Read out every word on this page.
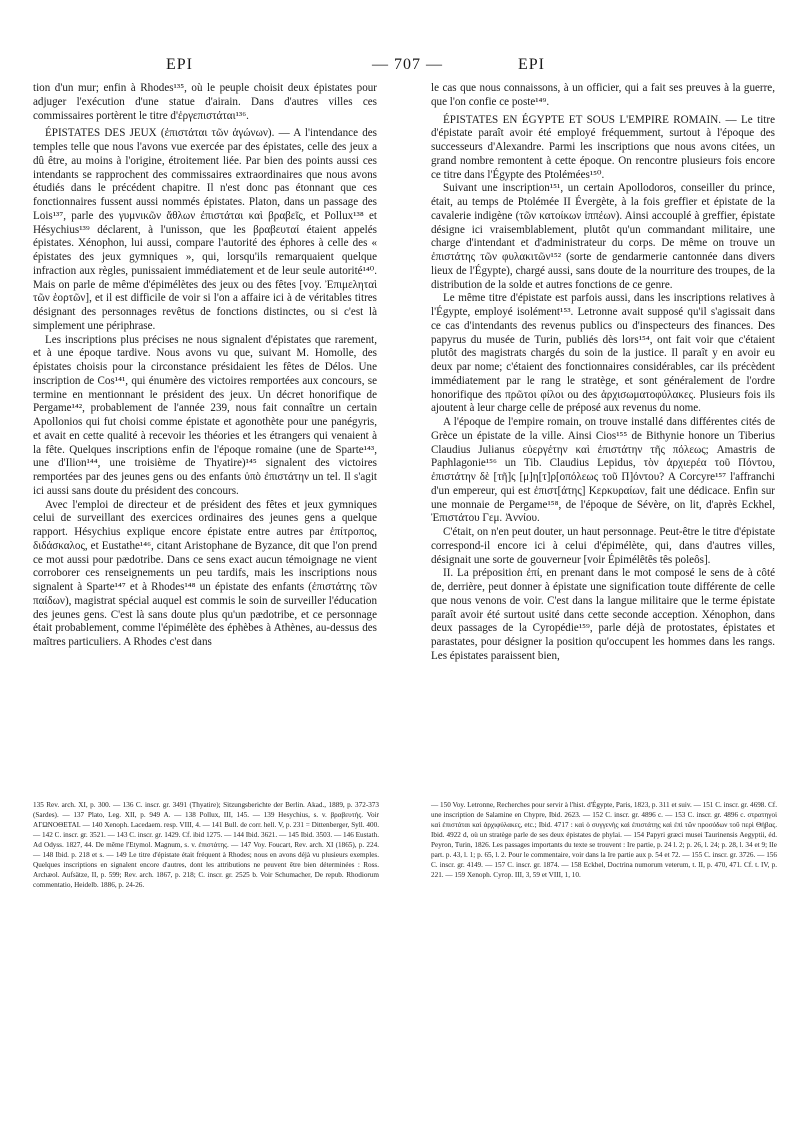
EPI	— 707 —	EPI

tion d'un mur; enfin à Rhodes¹³⁵, où le peuple choisit deux épistates pour adjuger l'exécution d'une statue d'airain. Dans d'autres villes ces commissaires portèrent le titre d'ἐργεπιστάται¹³⁶.

ÉPISTATES DES JEUX (ἐπιστάται τῶν ἀγώνων). — A l'intendance des temples telle que nous l'avons vue exercée par des épistates, celle des jeux a dû être, au moins à l'origine, étroitement liée. Par bien des points aussi ces intendants se rapprochent des commissaires extraordinaires que nous avons étudiés dans le précédent chapitre. Il n'est donc pas étonnant que ces fonctionnaires fussent aussi nommés épistates. Platon, dans un passage des Lois¹³⁷, parle des γυμνικῶν ἄθλων ἐπιστάται καὶ βραβεῖς, et Pollux¹³⁸ et Hésychius¹³⁹ déclarent, à l'unisson, que les βραβευταί étaient appelés épistates. Xénophon, lui aussi, compare l'autorité des éphores à celle des « épistates des jeux gymniques », qui, lorsqu'ils remarquaient quelque infraction aux règles, punissaient immédiatement et de leur seule autorité¹⁴⁰. Mais on parle de même d'épimélètes des jeux ou des fêtes [voy. Ἐπιμεληταὶ τῶν ἑορτῶν], et il est difficile de voir si l'on a affaire ici à de véritables titres désignant des personnages revêtus de fonctions distinctes, ou si c'est là simplement une périphrase.

Les inscriptions plus précises ne nous signalent d'épistates que rarement, et à une époque tardive. Nous avons vu que, suivant M. Homolle, des épistates choisis pour la circonstance présidaient les fêtes de Délos. Une inscription de Cos¹⁴¹, qui énumère des victoires remportées aux concours, se termine en mentionnant le président des jeux. Un décret honorifique de Pergame¹⁴², probablement de l'année 239, nous fait connaître un certain Apollonios qui fut choisi comme épistate et agonothète pour une panégyris, et avait en cette qualité à recevoir les théories et les étrangers qui venaient à la fête. Quelques inscriptions enfin de l'époque romaine (une de Sparte¹⁴³, une d'Ilion¹⁴⁴, une troisième de Thyatire)¹⁴⁵ signalent des victoires remportées par des jeunes gens ou des enfants ὑπὸ ἐπιστάτην un tel. Il s'agit ici aussi sans doute du président des concours.

Avec l'emploi de directeur et de président des fêtes et jeux gymniques celui de surveillant des exercices ordinaires des jeunes gens a quelque rapport. Hésychius explique encore épistate entre autres par ἐπίτροπος, διδάσκαλος, et Eustathe¹⁴⁶, citant Aristophane de Byzance, dit que l'on prend ce mot aussi pour pædotribe. Dans ce sens exact aucun témoignage ne vient corroborer ces renseignements un peu tardifs, mais les inscriptions nous signalent à Sparte¹⁴⁷ et à Rhodes¹⁴⁸ un épistate des enfants (ἐπιστάτης τῶν παίδων), magistrat spécial auquel est commis le soin de surveiller l'éducation des jeunes gens. C'est là sans doute plus qu'un pædotribe, et ce personnage était probablement, comme l'épimélète des éphèbes à Athènes, au-dessus des maîtres particuliers. A Rhodes c'est dans

le cas que nous connaissons, à un officier, qui a fait ses preuves à la guerre, que l'on confie ce poste¹⁴⁹.

ÉPISTATES EN ÉGYPTE ET SOUS L'EMPIRE ROMAIN. — Le titre d'épistate paraît avoir été employé fréquemment, surtout à l'époque des successeurs d'Alexandre. Parmi les inscriptions que nous avons citées, un grand nombre remontent à cette époque. On rencontre plusieurs fois encore ce titre dans l'Égypte des Ptolémées¹⁵⁰.

Suivant une inscription¹⁵¹, un certain Apollodoros, conseiller du prince, était, au temps de Ptolémée II Évergète, à la fois greffier et épistate de la cavalerie indigène (τῶν κατοίκων ἱππέων). Ainsi accouplé à greffier, épistate désigne ici vraisemblablement, plutôt qu'un commandant militaire, une charge d'intendant et d'administrateur du corps. De même on trouve un ἐπιστάτης τῶν φυλακιτῶν¹⁵² (sorte de gendarmerie cantonnée dans divers lieux de l'Égypte), chargé aussi, sans doute de la nourriture des troupes, de la distribution de la solde et autres fonctions de ce genre.

Le même titre d'épistate est parfois aussi, dans les inscriptions relatives à l'Égypte, employé isolément¹⁵³. Letronne avait supposé qu'il s'agissait dans ce cas d'intendants des revenus publics ou d'inspecteurs des finances. Des papyrus du musée de Turin, publiés dès lors¹⁵⁴, ont fait voir que c'étaient plutôt des magistrats chargés du soin de la justice. Il paraît y en avoir eu deux par nome; c'étaient des fonctionnaires considérables, car ils précèdent immédiatement par le rang le stratège, et sont généralement de l'ordre honorifique des πρῶτοι φίλοι ou des ἀρχισωματοφύλακες. Plusieurs fois ils ajoutent à leur charge celle de préposé aux revenus du nome.

A l'époque de l'empire romain, on trouve installé dans différentes cités de Grèce un épistate de la ville. Ainsi Cios¹⁵⁵ de Bithynie honore un Tiberius Claudius Julianus εὐεργέτην καὶ ἐπιστάτην τῆς πόλεως; Amastris de Paphlagonie¹⁵⁶ un Tib. Claudius Lepidus, τὸν ἀρχιερέα τοῦ Πόντου, ἐπιστάτην δὲ [τῆ]ς [μ]η[τ]ρ[οπόλεως τοῦ Π]όντου? A Corcyre¹⁵⁷ l'affranchi d'un empereur, qui est ἐπιστ[άτης] Κερκυραίων, fait une dédicace. Enfin sur une monnaie de Pergame¹⁵⁸, de l'époque de Sévère, on lit, d'après Eckhel, Ἐπιστάτου Γεμ. Ἀννίου.

C'était, on n'en peut douter, un haut personnage. Peut-être le titre d'épistate correspond-il encore ici à celui d'épimélète, qui, dans d'autres villes, désignait une sorte de gouverneur [voir Épimélêtês tês poleôs].

II. La préposition ἐπί, en prenant dans le mot composé le sens de à côté de, derrière, peut donner à épistate une signification toute différente de celle que nous venons de voir. C'est dans la langue militaire que le terme épistate paraît avoir été surtout usité dans cette seconde acception. Xénophon, dans deux passages de la Cyropédie¹⁵⁹, parle déjà de protostates, épistates et parastates, pour désigner la position qu'occupent les hommes dans les rangs. Les épistates paraissent bien,

135 Rev. arch. XI, p. 300. — 136 C. inscr. gr. 3491 (Thyatire); Sitzungsberichte der Berlin. Akad., 1889, p. 372-373 (Sardes). — 137 Plato, Leg. XII, p. 949 A. — 138 Pollux, III, 145. — 139 Hesychius, s. v. βραβευτής. Voir ΑΓΩΝΟΘΕΤΑΙ. — 140 Xenoph. Lacedaem. resp. VIII, 4. — 141 Bull. de corr. hell. V, p. 231 = Dittenberger, Syll. 400. — 142 C. inscr. gr. 3521. — 143 C. inscr. gr. 1429. Cf. ibid 1275. — 144 Ibid. 3621. — 145 Ibid. 3503. — 146 Eustath. Ad Odyss. 1827, 44. De même l'Etymol. Magnum, s. v. ἐπιστάτης. — 147 Voy. Foucart, Rev. arch. XI (1865), p. 224. — 148 Ibid. p. 218 et s. — 149 Le titre d'épistate était fréquent à Rhodes; nous en avons déjà vu plusieurs exemples. Quelques inscriptions en signalent encore d'autres, dont les attributions ne peuvent être bien déterminées : Ross. Archæol. Aufsätze, II, p. 599; Rev. arch. 1867, p. 218; C. inscr. gr. 2525 b. Voir Schumacher, De repub. Rhodiorum commentatio, Heidelb. 1886, p. 24-26.

— 150 Voy. Letronne, Recherches pour servir à l'hist. d'Égypte, Paris, 1823, p. 311 et suiv. — 151 C. inscr. gr. 4698. Cf. une inscription de Salamine en Chypre, Ibid. 2623. — 152 C. inscr. gr. 4896 c. — 153 C. inscr. gr. 4896 c. στρατηγοὶ καὶ ἐπιστάται καὶ ἀρχιφύλακες, etc.; Ibid. 4717 : καὶ ὁ συγγενὴς καὶ ἐπιστάτης καὶ ἐπὶ τῶν προσόδων τοῦ περὶ Θήβας. Ibid. 4922 d, où un stratège parle de ses deux épistates de phylai. — 154 Papyri græci musei Taurinensis Aegyptii, éd. Peyron, Turin, 1826. Les passages importants du texte se trouvent : Ire partie, p. 24 l. 2; p. 26, l. 24; p. 28, l. 34 et 9; IIe part. p. 43, l. 1; p. 65, l. 2. Pour le commentaire, voir dans la Ire partie aux p. 54 et 72. — 155 C. inscr. gr. 3726. — 156 C. inscr. gr. 4149. — 157 C. inscr. gr. 1874. — 158 Eckhel, Doctrina numorum veterum, t. II, p. 470, 471. Cf. t. IV, p. 221. — 159 Xenoph. Cyrop. III, 3, 59 et VIII, 1, 10.
